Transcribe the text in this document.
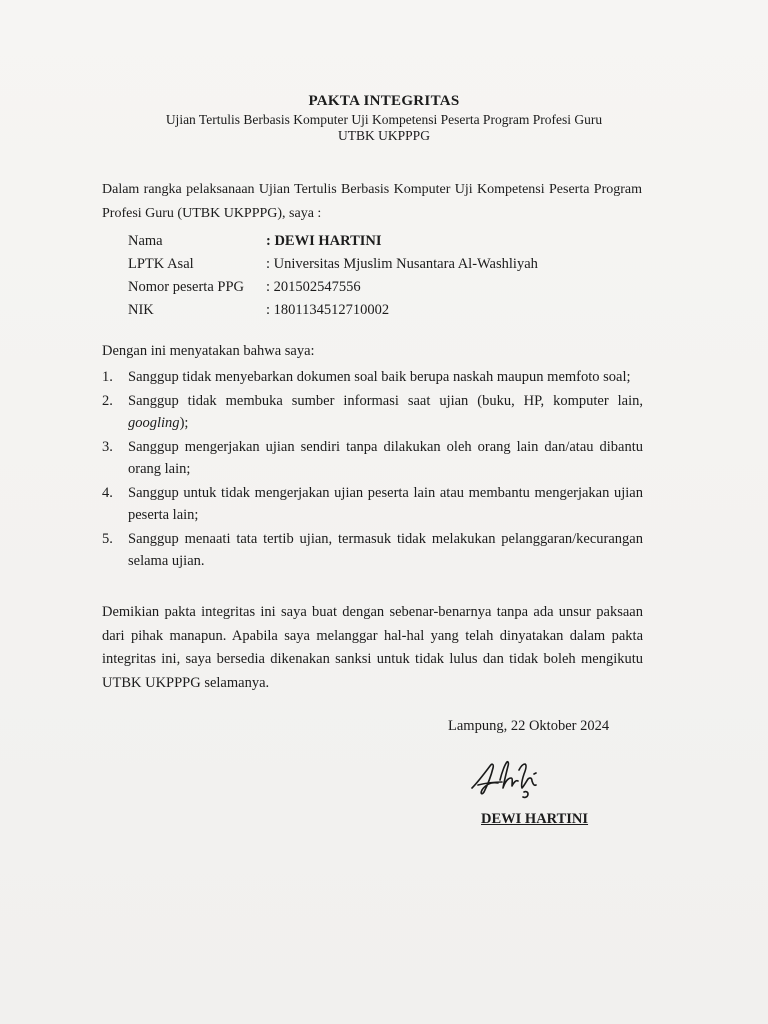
PAKTA INTEGRITAS
Ujian Tertulis Berbasis Komputer Uji Kompetensi Peserta Program Profesi Guru
UTBK UKPPPG
Dalam rangka pelaksanaan Ujian Tertulis Berbasis Komputer Uji Kompetensi Peserta Program Profesi Guru (UTBK UKPPPG), saya :
Nama	: DEWI HARTINI
LPTK Asal	: Universitas Mjuslim Nusantara Al-Washliyah
Nomor peserta PPG	: 201502547556
NIK	: 1801134512710002
Dengan ini menyatakan bahwa saya:
1.	Sanggup tidak menyebarkan dokumen soal baik berupa naskah maupun memfoto soal;
2.	Sanggup tidak membuka sumber informasi saat ujian (buku, HP, komputer lain, googling);
3.	Sanggup mengerjakan ujian sendiri tanpa dilakukan oleh orang lain dan/atau dibantu orang lain;
4.	Sanggup untuk tidak mengerjakan ujian peserta lain atau membantu mengerjakan ujian peserta lain;
5.	Sanggup menaati tata tertib ujian, termasuk tidak melakukan pelanggaran/kecurangan selama ujian.
Demikian pakta integritas ini saya buat dengan sebenar-benarnya tanpa ada unsur paksaan dari pihak manapun. Apabila saya melanggar hal-hal yang telah dinyatakan dalam pakta integritas ini, saya bersedia dikenakan sanksi untuk tidak lulus dan tidak boleh mengikutu UTBK UKPPPG selamanya.
Lampung, 22 Oktober 2024
DEWI HARTINI
